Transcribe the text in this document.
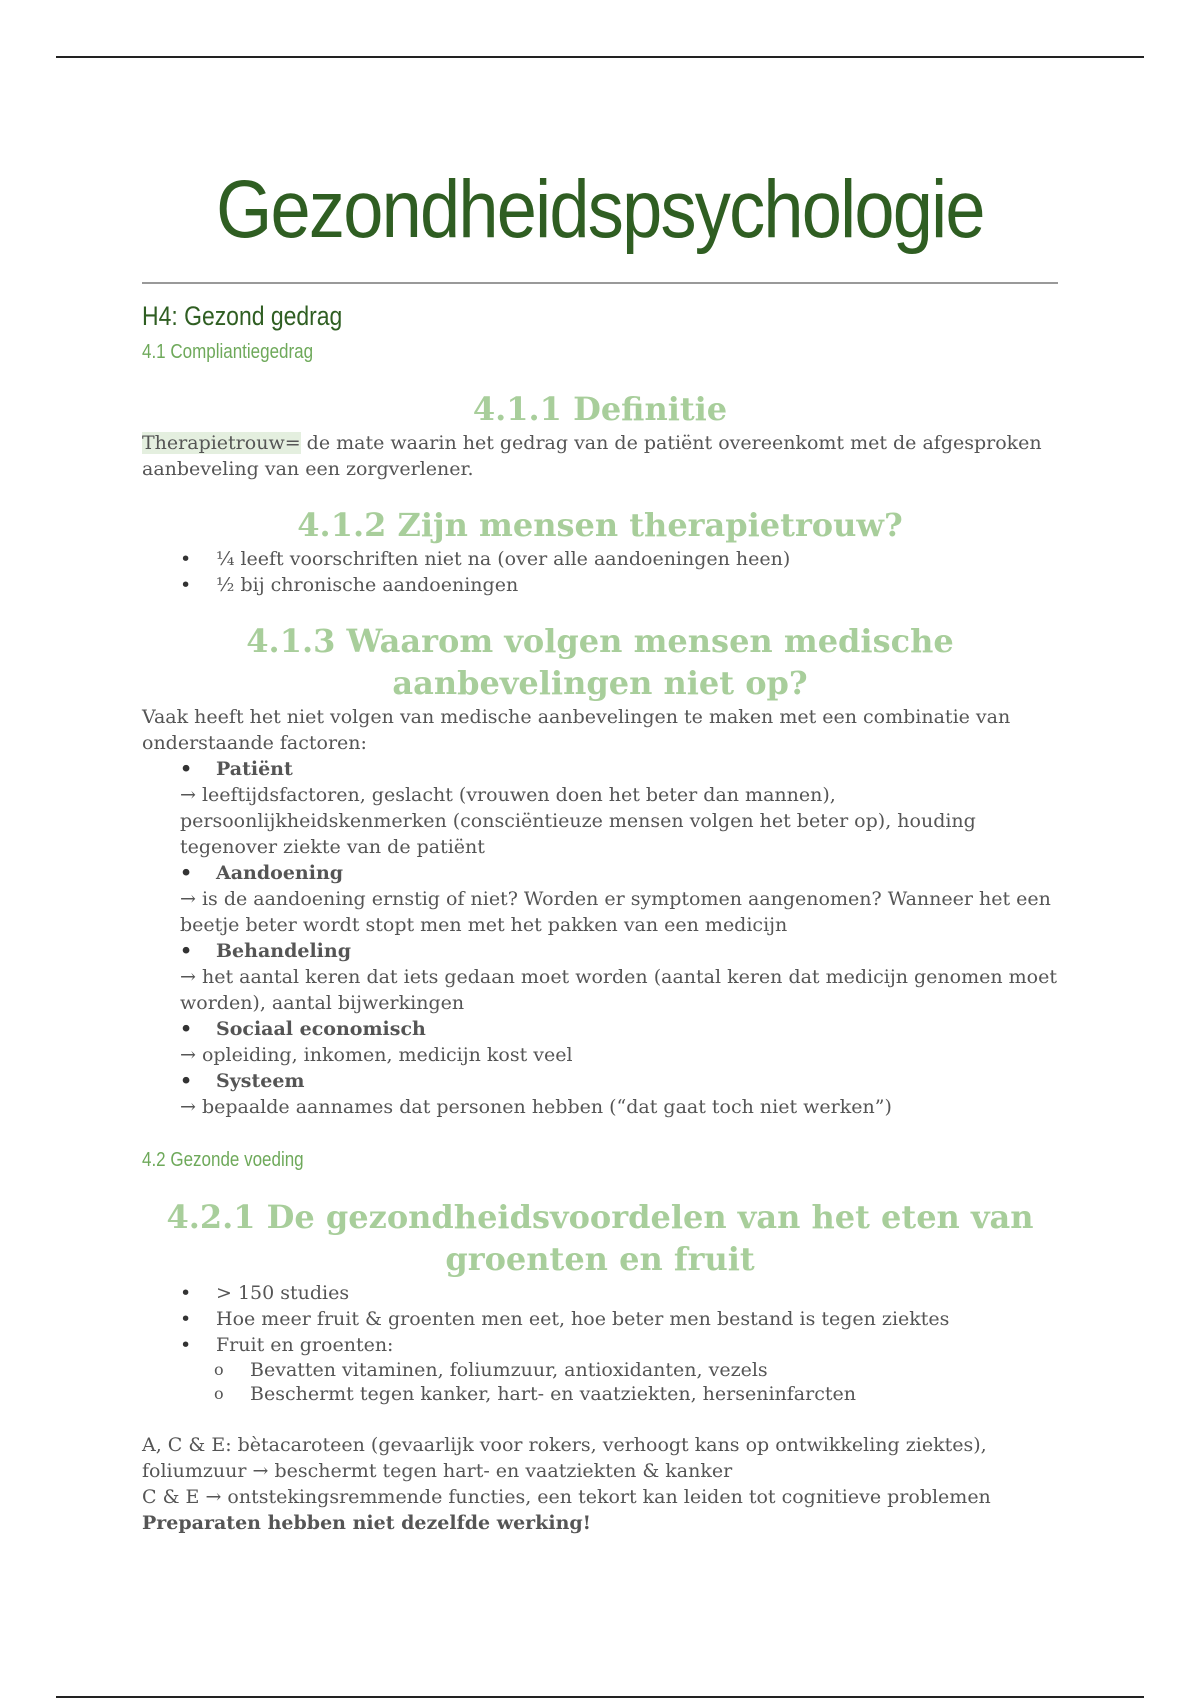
Gezondheidspsychologie
H4: Gezond gedrag
4.1 Compliantiegedrag
4.1.1 Definitie

Therapietrouw= de mate waarin het gedrag van de patiënt overeenkomt met de afgesproken aanbeveling van een zorgverlener.

4.1.2 Zijn mensen therapietrouw?
• ¼ leeft voorschriften niet na (over alle aandoeningen heen)
• ½ bij chronische aandoeningen
4.1.3 Waarom volgen mensen medische aanbevelingen niet op?

Vaak heeft het niet volgen van medische aanbevelingen te maken met een combinatie van onderstaande factoren:

• Patiënt

→ leeftijdsfactoren, geslacht (vrouwen doen het beter dan mannen), persoonlijkheidskenmerken (consciëntieuze mensen volgen het beter op), houding tegenover ziekte van de patiënt

• Aandoening

→ is de aandoening ernstig of niet? Worden er symptomen aangenomen? Wanneer het een beetje beter wordt stopt men met het pakken van een medicijn

• Behandeling

→ het aantal keren dat iets gedaan moet worden (aantal keren dat medicijn genomen moet worden), aantal bijwerkingen

• Sociaal economisch

→ opleiding, inkomen, medicijn kost veel

• Systeem

→ bepaalde aannames dat personen hebben (“dat gaat toch niet werken”)

4.2 Gezonde voeding
4.2.1 De gezondheidsvoordelen van het eten van groenten en fruit
• > 150 studies
• Hoe meer fruit & groenten men eet, hoe beter men bestand is tegen ziektes
• Fruit en groenten:
o Bevatten vitaminen, foliumzuur, antioxidanten, vezels
o Beschermt tegen kanker, hart- en vaatziekten, herseninfarcten

A, C & E: bètacaroteen (gevaarlijk voor rokers, verhoogt kans op ontwikkeling ziektes), foliumzuur → beschermt tegen hart- en vaatziekten & kanker

C & E → ontstekingsremmende functies, een tekort kan leiden tot cognitieve problemen

Preparaten hebben niet dezelfde werking!
